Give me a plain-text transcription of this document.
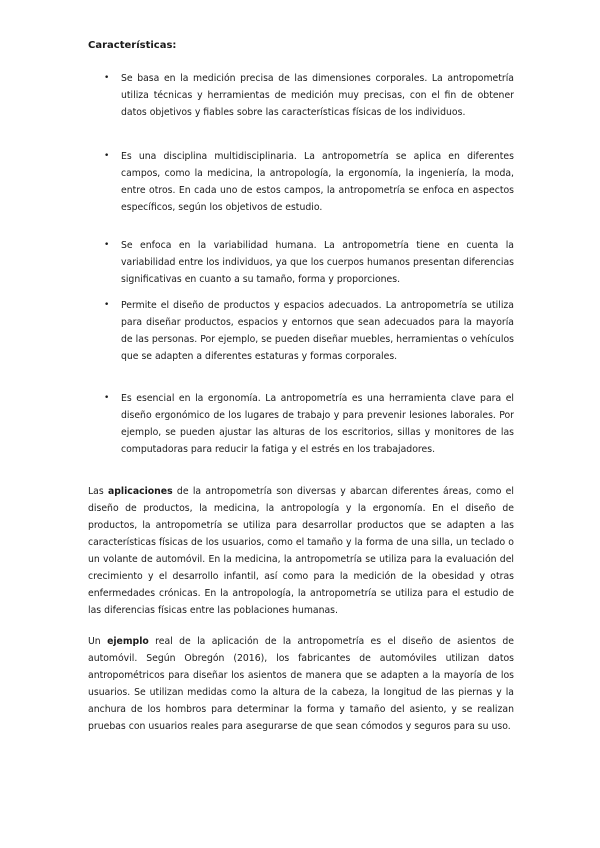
Características:

• Se basa en la medición precisa de las dimensiones corporales. La antropometría utiliza técnicas y herramientas de medición muy precisas, con el fin de obtener datos objetivos y fiables sobre las características físicas de los individuos.
• Es una disciplina multidisciplinaria. La antropometría se aplica en diferentes campos, como la medicina, la antropología, la ergonomía, la ingeniería, la moda, entre otros. En cada uno de estos campos, la antropometría se enfoca en aspectos específicos, según los objetivos de estudio.
• Se enfoca en la variabilidad humana. La antropometría tiene en cuenta la variabilidad entre los individuos, ya que los cuerpos humanos presentan diferencias significativas en cuanto a su tamaño, forma y proporciones.
• Permite el diseño de productos y espacios adecuados. La antropometría se utiliza para diseñar productos, espacios y entornos que sean adecuados para la mayoría de las personas. Por ejemplo, se pueden diseñar muebles, herramientas o vehículos que se adapten a diferentes estaturas y formas corporales.
• Es esencial en la ergonomía. La antropometría es una herramienta clave para el diseño ergonómico de los lugares de trabajo y para prevenir lesiones laborales. Por ejemplo, se pueden ajustar las alturas de los escritorios, sillas y monitores de las computadoras para reducir la fatiga y el estrés en los trabajadores.

Las aplicaciones de la antropometría son diversas y abarcan diferentes áreas, como el diseño de productos, la medicina, la antropología y la ergonomía. En el diseño de productos, la antropometría se utiliza para desarrollar productos que se adapten a las características físicas de los usuarios, como el tamaño y la forma de una silla, un teclado o un volante de automóvil. En la medicina, la antropometría se utiliza para la evaluación del crecimiento y el desarrollo infantil, así como para la medición de la obesidad y otras enfermedades crónicas. En la antropología, la antropometría se utiliza para el estudio de las diferencias físicas entre las poblaciones humanas.

Un ejemplo real de la aplicación de la antropometría es el diseño de asientos de automóvil. Según Obregón (2016), los fabricantes de automóviles utilizan datos antropométricos para diseñar los asientos de manera que se adapten a la mayoría de los usuarios. Se utilizan medidas como la altura de la cabeza, la longitud de las piernas y la anchura de los hombros para determinar la forma y tamaño del asiento, y se realizan pruebas con usuarios reales para asegurarse de que sean cómodos y seguros para su uso.
